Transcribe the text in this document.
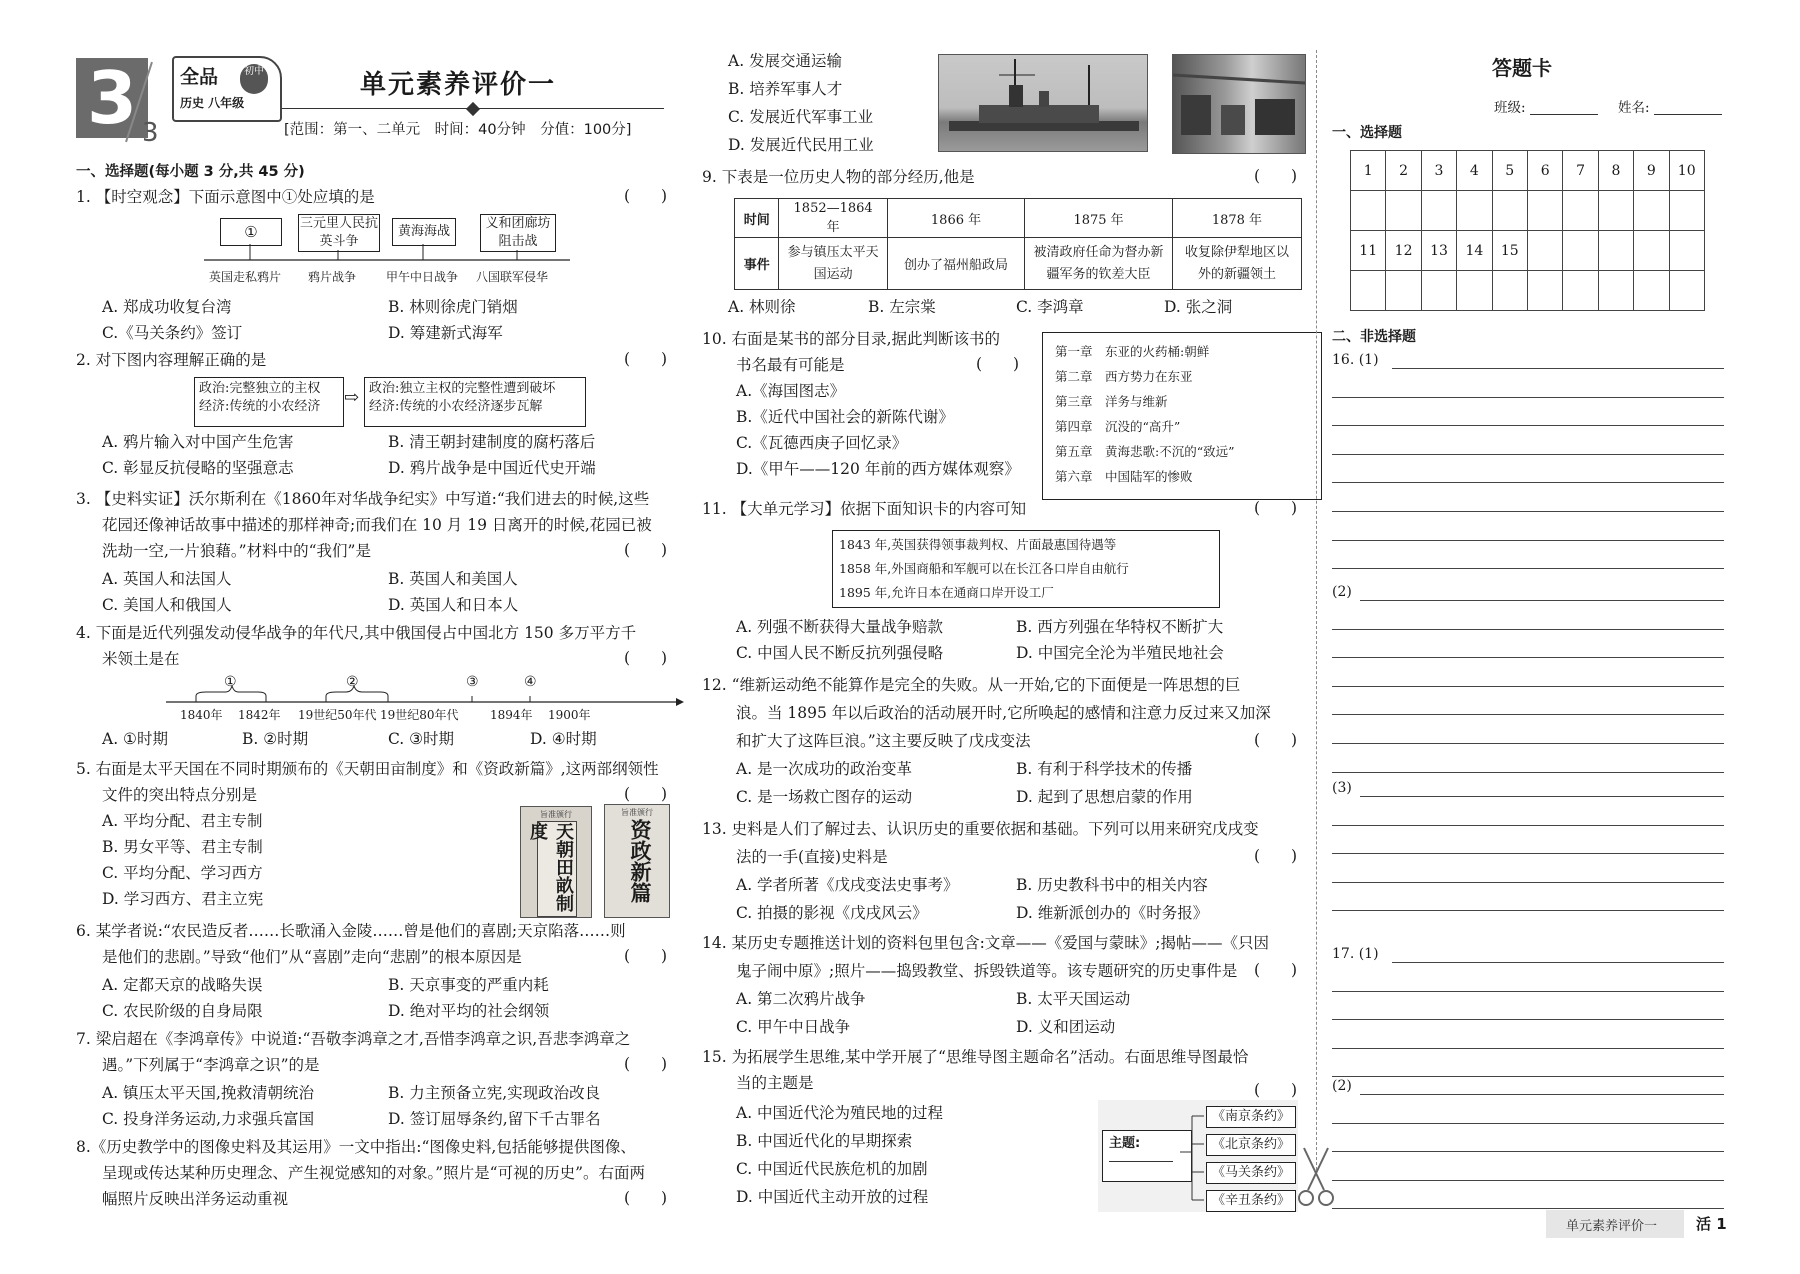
3 3
全品	初中
历史 八年级
单元素养评价一
[范围：第一、二单元　时间：40分钟　分值：100分]
一、选择题(每小题 3 分,共 45 分)
1. 【时空观念】下面示意图中①处应填的是	(　　)
①	三元里人民抗英斗争
黄海海战
义和团廊坊阻击战
英国走私鸦片 鸦片战争 甲午中日战争 八国联军侵华
A. 郑成功收复台湾	B. 林则徐虎门销烟
C.《马关条约》签订	D. 筹建新式海军
2. 对下图内容理解正确的是	(　　)
政治:完整独立的主权
经济:传统的小农经济	⇨ 政治:独立主权的完整性遭到破坏
经济:传统的小农经济逐步瓦解
A. 鸦片输入对中国产生危害	B. 清王朝封建制度的腐朽落后
C. 彰显反抗侵略的坚强意志	D. 鸦片战争是中国近代史开端
3. 【史料实证】沃尔斯利在《1860年对华战争纪实》中写道:“我们进去的时候,这些
花园还像神话故事中描述的那样神奇;而我们在 10 月 19 日离开的时候,花园已被
洗劫一空,一片狼藉。”材料中的“我们”是	(　　)
A. 英国人和法国人	B. 英国人和美国人
C. 美国人和俄国人	D. 英国人和日本人
4. 下面是近代列强发动侵华战争的年代尺,其中俄国侵占中国北方 150 多万平方千
米领土是在	(　　)
①	②	③	④
1840年 1842年 19世纪50年代 19世纪80年代	1894年 1900年
A. ①时期	B. ②时期	C. ③时期	D. ④时期
5. 右面是太平天国在不同时期颁布的《天朝田亩制度》和《资政新篇》,这两部纲领性
文件的突出特点分别是	(　　)
A. 平均分配、君主专制
B. 男女平等、君主专制
C. 平均分配、学习西方
D. 学习西方、君主立宪
旨准颁行
天朝田畝制度
旨准颁行
资政新篇
6. 某学者说:“农民造反者……长歌涌入金陵……曾是他们的喜剧;天京陷落……则
是他们的悲剧。”导致“他们”从“喜剧”走向“悲剧”的根本原因是	(　　)
A. 定都天京的战略失误	B. 天京事变的严重内耗
C. 农民阶级的自身局限	D. 绝对平均的社会纲领
7. 梁启超在《李鸿章传》中说道:“吾敬李鸿章之才,吾惜李鸿章之识,吾悲李鸿章之
遇。”下列属于“李鸿章之识”的是	(　　)
A. 镇压太平天国,挽救清朝统治	B. 力主预备立宪,实现政治改良
C. 投身洋务运动,力求强兵富国	D. 签订屈辱条约,留下千古罪名
8.《历史教学中的图像史料及其运用》一文中指出:“图像史料,包括能够提供图像、
呈现或传达某种历史理念、产生视觉感知的对象。”照片是“可视的历史”。右面两
幅照片反映出洋务运动重视	(　　)
A. 发展交通运输
B. 培养军事人才
C. 发展近代军事工业
D. 发展近代民用工业
9. 下表是一位历史人物的部分经历,他是	(　　)
时间	1852—1864 年	1866 年	1875 年	1878 年
事件	参与镇压太平天国运动	创办了福州船政局	被清政府任命为督办新疆军务的钦差大臣	收复除伊犁地区以外的新疆领土
A. 林则徐	B. 左宗棠	C. 李鸿章	D. 张之洞
10. 右面是某书的部分目录,据此判断该书的
书名最有可能是	(　　)
A.《海国图志》
B.《近代中国社会的新陈代谢》
C.《瓦德西庚子回忆录》
D.《甲午——120 年前的西方媒体观察》
第一章　东亚的火药桶:朝鲜
第二章　西方势力在东亚
第三章　洋务与维新
第四章　沉没的“高升”
第五章　黄海悲歌:不沉的“致远”
第六章　中国陆军的惨败
11. 【大单元学习】依据下面知识卡的内容可知	(　　)
1843 年,英国获得领事裁判权、片面最惠国待遇等
1858 年,外国商船和军舰可以在长江各口岸自由航行
1895 年,允许日本在通商口岸开设工厂
A. 列强不断获得大量战争赔款	B. 西方列强在华特权不断扩大
C. 中国人民不断反抗列强侵略	D. 中国完全沦为半殖民地社会
12. “维新运动绝不能算作是完全的失败。从一开始,它的下面便是一阵思想的巨
浪。当 1895 年以后政治的活动展开时,它所唤起的感情和注意力反过来又加深
和扩大了这阵巨浪。”这主要反映了戊戌变法	(　　)
A. 是一次成功的政治变革	B. 有利于科学技术的传播
C. 是一场救亡图存的运动	D. 起到了思想启蒙的作用
13. 史料是人们了解过去、认识历史的重要依据和基础。下列可以用来研究戊戌变
法的一手(直接)史料是	(　　)
A. 学者所著《戊戌变法史事考》	B. 历史教科书中的相关内容
C. 拍摄的影视《戊戌风云》	D. 维新派创办的《时务报》
14. 某历史专题推送计划的资料包里包含:文章——《爱国与蒙昧》;揭帖——《只因
鬼子闹中原》;照片——捣毁教堂、拆毁铁道等。该专题研究的历史事件是 (　　)
A. 第二次鸦片战争	B. 太平天国运动
C. 甲午中日战争	D. 义和团运动
15. 为拓展学生思维,某中学开展了“思维导图主题命名”活动。右面思维导图最恰
当的主题是	(　　)
A. 中国近代沦为殖民地的过程
B. 中国近代化的早期探索
C. 中国近代民族危机的加剧
D. 中国近代主动开放的过程
主题:
《南京条约》
《北京条约》
《马关条约》
《辛丑条约》
答题卡
班级:	姓名:
一、选择题
1	2	3	4	5	6	7	8	9	10

11	12	13	14	15					

二、非选择题
16. (1)
(2)
(3)
17. (1)
(2)
单元素养评价一	活 1
